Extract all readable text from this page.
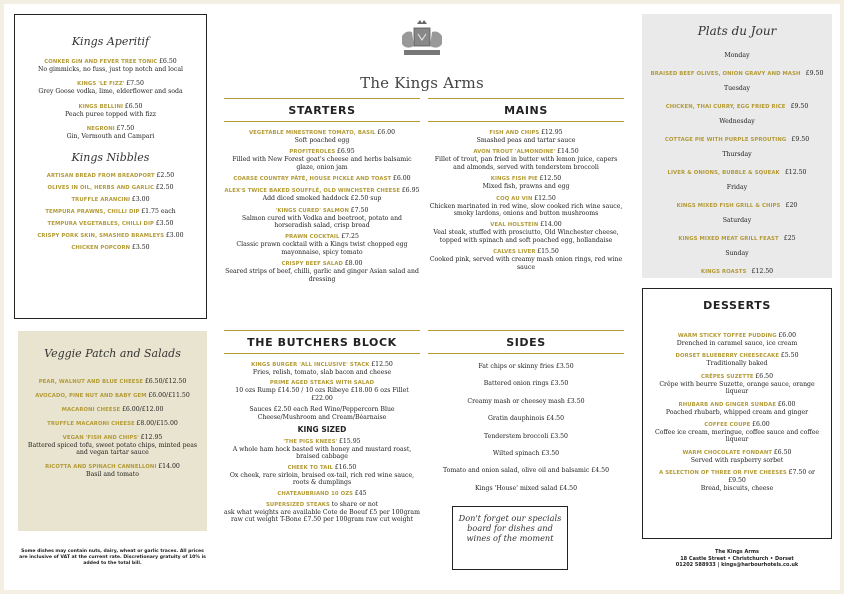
Kings Aperitif
CONKER GIN AND FEVER TREE TONIC £6.50
No gimmicks, no fuss, just top notch and local
KINGS 'LE FIZZ' £7.50
Grey Goose vodka, lime, elderflower and soda
KINGS BELLINI £6.50
Peach puree topped with fizz
NEGRONI £7.50
Gin, Vermouth and Campari
Kings Nibbles
ARTISAN BREAD FROM BREADPORT £2.50
OLIVES IN OIL, HERBS AND GARLIC £2.50
TRUFFLE ARANCINI £3.00
TEMPURA PRAWNS, CHILLI DIP £1.75 each
TEMPURA VEGETABLES, CHILLI DIP £3.50
CRISPY PORK SKIN, SMASHED BRAMLEYS £3.00
CHICKEN POPCORN £3.50
Veggie Patch and Salads
PEAR, WALNUT AND BLUE CHEESE £6.50/£12.50
AVOCADO, PINE NUT AND BABY GEM £6.00/£11.50
MACARONI CHEESE £6.00/£12.00
TRUFFLE MACARONI CHEESE £8.00/£15.00
VEGAN 'FISH AND CHIPS' £12.95
Battered spiced tofu, sweet potato chips, minted peas and vegan tartar sauce
RICOTTA AND SPINACH CANNELLONI £14.00
Basil and tomato
Some dishes may contain nuts, dairy, wheat or garlic traces. All prices are inclusive of VAT at the current rate. Discretionary gratuity of 10% is added to the total bill.
The Kings Arms
STARTERS
VEGETABLE MINESTRONE TOMATO, BASIL £6.00
Soft poached egg
PROFITEROLES £6.95
Filled with New Forest goat's cheese and herbs balsamic glaze, onion jam
COARSE COUNTRY PÂTÉ, HOUSE PICKLE AND TOAST £6.00
ALEX'S TWICE BAKED SOUFFLÉ, OLD WINCHSTER CHEESE £6.95
Add diced smoked haddock £2.50 sup
'KINGS CURED' SALMON £7.50
Salmon cured with Vodka and beetroot, potato and horseradish salad, crisp bread
PRAWN COCKTAIL £7.25
Classic prawn cocktail with a Kings twist chopped egg mayonnaise, spicy tomato
CRISPY BEEF SALAD £8.00
Seared strips of beef, chilli, garlic and ginger Asian salad and dressing
THE BUTCHERS BLOCK
KINGS BURGER 'ALL INCLUSIVE' STACK £12.50
Fries, relish, tomato, slab bacon and cheese
PRIME AGED STEAKS WITH SALAD
10 ozs Rump £14.50 / 10 ozs Ribeye £18.00 6 ozs Fillet £22.00
Sauces £2.50 each Red Wine/Peppercorn Blue Cheese/Mushroom and Cream/Béarnaise
KING SIZED
'THE PIGS KNEES' £15.95
A whole ham hock basted with honey and mustard roast, braised cabbage
CHEEK TO TAIL £16.50
Ox cheek, rare sirloin, braised ox-tail, rich red wine sauce, roots & dumplings
CHATEAUBRIAND 10 OZS £45
SUPERSIZED STEAKS to share or not
ask what weights are available Cote de Boeuf £5 per 100gram raw cut weight T-Bone £7.50 per 100gram raw cut weight
MAINS
FISH AND CHIPS £12.95
Smashed peas and tartar sauce
AVON TROUT 'ALMONDINE' £14.50
Fillet of trout, pan fried in butter with lemon juice, capers and almonds, served with tenderstem broccoli
KINGS FISH PIE £12.50
Mixed fish, prawns and egg
COQ AU VIN £12.50
Chicken marinated in red wine, slow cooked rich wine sauce, smoky lardons, onions and button mushrooms
VEAL HOLSTEIN £14.00
Veal steak, stuffed with prosciutto, Old Winchester cheese, topped with spinach and soft poached egg, hollandaise
CALVES LIVER £15.50
Cooked pink, served with creamy mash onion rings, red wine sauce
SIDES
Fat chips or skinny fries £3.50
Battered onion rings £3.50
Creamy mash or cheesey mash £3.50
Gratin dauphinois £4.50
Tenderstem broccoli £3.50
Wilted spinach £3.50
Tomato and onion salad, olive oil and balsamic £4.50
Kings 'House' mixed salad £4.50
Don't forget our specials board for dishes and wines of the moment
Plats du Jour
Monday
BRAISED BEEF OLIVES, ONION GRAVY AND MASH £9.50
Tuesday
CHICKEN, THAI CURRY, EGG FRIED RICE £9.50
Wednesday
COTTAGE PIE WITH PURPLE SPROUTING £9.50
Thursday
LIVER & ONIONS, BUBBLE & SQUEAK £12.50
Friday
KINGS MIXED FISH GRILL & CHIPS £20
Saturday
KINGS MIXED MEAT GRILL FEAST £25
Sunday
KINGS ROASTS £12.50
DESSERTS
WARM STICKY TOFFEE PUDDING £6.00
Drenched in caramel sauce, ice cream
DORSET BLUEBERRY CHEESECAKE £5.50
Traditionally baked
CRÊPES SUZETTE £6.50
Crêpe with beurre Suzette, orange sauce, orange liqueur
RHUBARB AND GINGER SUNDAE £6.00
Poached rhubarb, whipped cream and ginger
COFFEE COUPE £6.00
Coffee ice cream, meringue, coffee sauce and coffee liqueur
WARM CHOCOLATE FONDANT £6.50
Served with raspberry sorbet
A SELECTION OF THREE OR FIVE CHEESES £7.50 or £9.50
Bread, biscuits, cheese
The Kings Arms
18 Castle Street • Christchurch • Dorset
01202 588933 | kings@harbourhotels.co.uk
